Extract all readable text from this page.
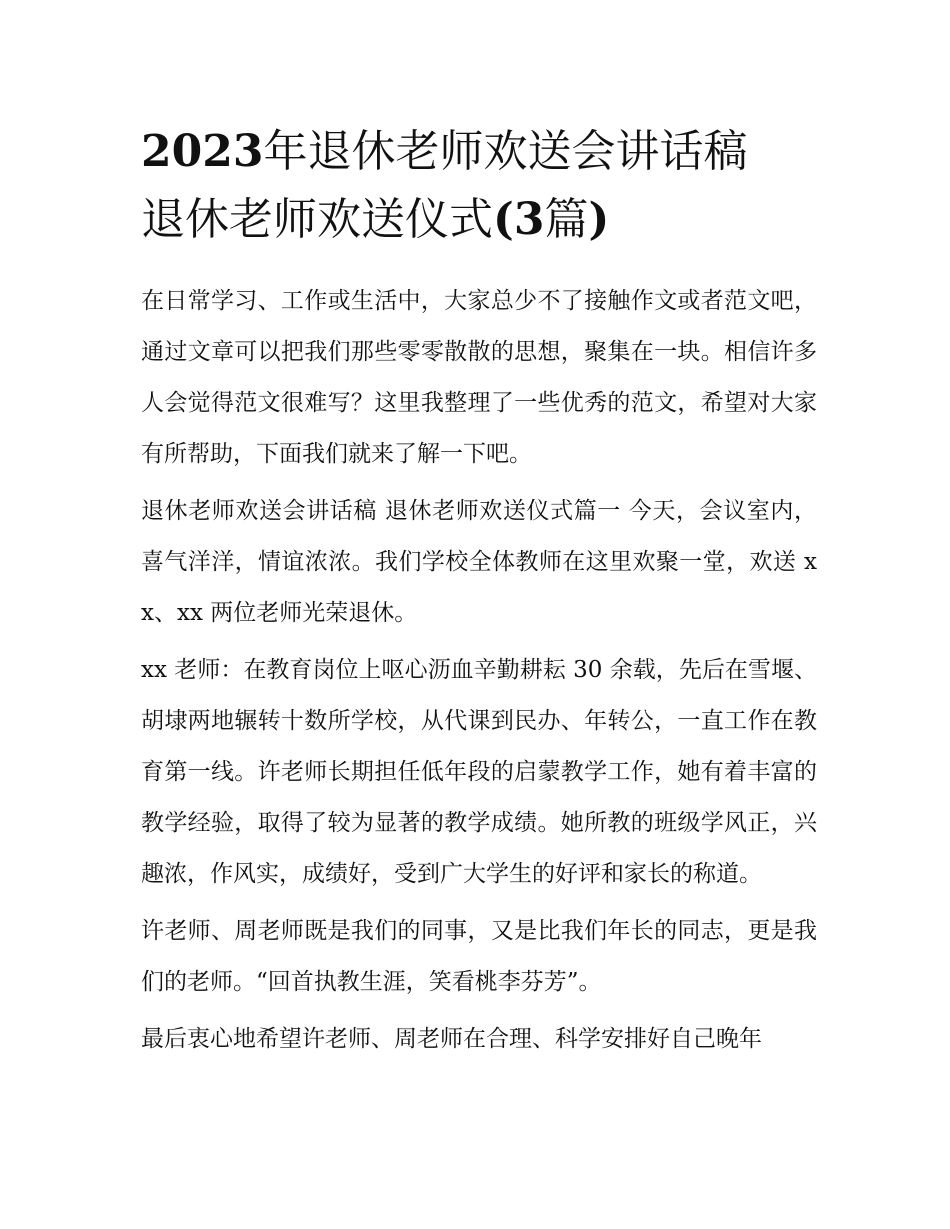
2023年退休老师欢送会讲话稿
退休老师欢送仪式(3篇)

在日常学习、工作或生活中，大家总少不了接触作文或者范文吧，通过文章可以把我们那些零零散散的思想，聚集在一块。相信许多人会觉得范文很难写？这里我整理了一些优秀的范文，希望对大家有所帮助，下面我们就来了解一下吧。

退休老师欢送会讲话稿 退休老师欢送仪式篇一 今天，会议室内，喜气洋洋，情谊浓浓。我们学校全体教师在这里欢聚一堂，欢送 xx、xx 两位老师光荣退休。

xx 老师：在教育岗位上呕心沥血辛勤耕耘 30 余载，先后在雪堰、胡埭两地辗转十数所学校，从代课到民办、年转公，一直工作在教育第一线。许老师长期担任低年段的启蒙教学工作，她有着丰富的教学经验，取得了较为显著的教学成绩。她所教的班级学风正，兴趣浓，作风实，成绩好，受到广大学生的好评和家长的称道。

许老师、周老师既是我们的同事，又是比我们年长的同志，更是我们的老师。“回首执教生涯，笑看桃李芬芳”。

最后衷心地希望许老师、周老师在合理、科学安排好自己晚年
